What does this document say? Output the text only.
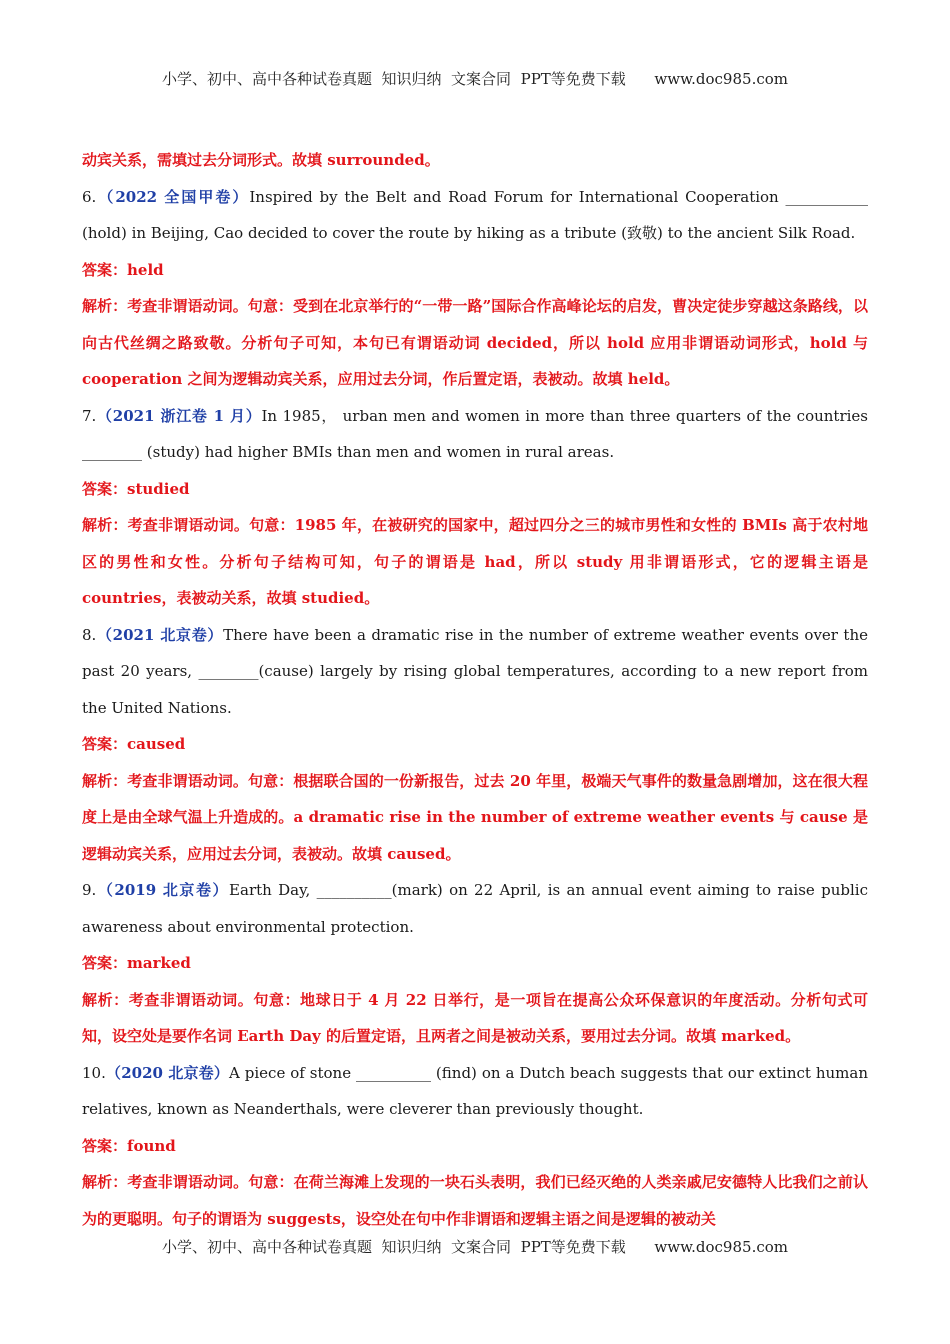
小学、初中、高中各种试卷真题  知识归纳  文案合同  PPT等免费下载      www.doc985.com

动宾关系，需填过去分词形式。故填 surrounded。

6.（2022 全国甲卷）Inspired by the Belt and Road Forum for International Cooperation ___________ (hold) in Beijing, Cao decided to cover the route by hiking as a tribute (致敬) to the ancient Silk Road.

答案：held

解析：考查非谓语动词。句意：受到在北京举行的“一带一路”国际合作高峰论坛的启发，曹决定徒步穿越这条路线，以向古代丝绸之路致敬。分析句子可知，本句已有谓语动词 decided，所以 hold 应用非谓语动词形式，hold 与 cooperation 之间为逻辑动宾关系，应用过去分词，作后置定语，表被动。故填 held。

7.（2021 浙江卷 1 月）In 1985， urban men and women in more than three quarters of the countries ________ (study) had higher BMIs than men and women in rural areas.

答案：studied

解析：考查非谓语动词。句意：1985 年，在被研究的国家中，超过四分之三的城市男性和女性的 BMIs 高于农村地区的男性和女性。分析句子结构可知，句子的谓语是 had，所以 study 用非谓语形式，它的逻辑主语是 countries，表被动关系，故填 studied。

8.（2021 北京卷）There have been a dramatic rise in the number of extreme weather events over the past 20 years, ________(cause) largely by rising global temperatures, according to a new report from the United Nations.

答案：caused

解析：考查非谓语动词。句意：根据联合国的一份新报告，过去 20 年里，极端天气事件的数量急剧增加，这在很大程度上是由全球气温上升造成的。a dramatic rise in the number of extreme weather events 与 cause 是逻辑动宾关系，应用过去分词，表被动。故填 caused。

9.（2019 北京卷）Earth Day, __________(mark) on 22 April, is an annual event aiming to raise public awareness about environmental protection.

答案：marked

解析：考查非谓语动词。句意：地球日于 4 月 22 日举行，是一项旨在提高公众环保意识的年度活动。分析句式可知，设空处是要作名词 Earth Day 的后置定语，且两者之间是被动关系，要用过去分词。故填 marked。

10.（2020 北京卷）A piece of stone __________ (find) on a Dutch beach suggests that our extinct human relatives, known as Neanderthals, were cleverer than previously thought.

答案：found

解析：考查非谓语动词。句意：在荷兰海滩上发现的一块石头表明，我们已经灭绝的人类亲戚尼安德特人比我们之前认为的更聪明。句子的谓语为 suggests，设空处在句中作非谓语和逻辑主语之间是逻辑的被动关

小学、初中、高中各种试卷真题  知识归纳  文案合同  PPT等免费下载      www.doc985.com
